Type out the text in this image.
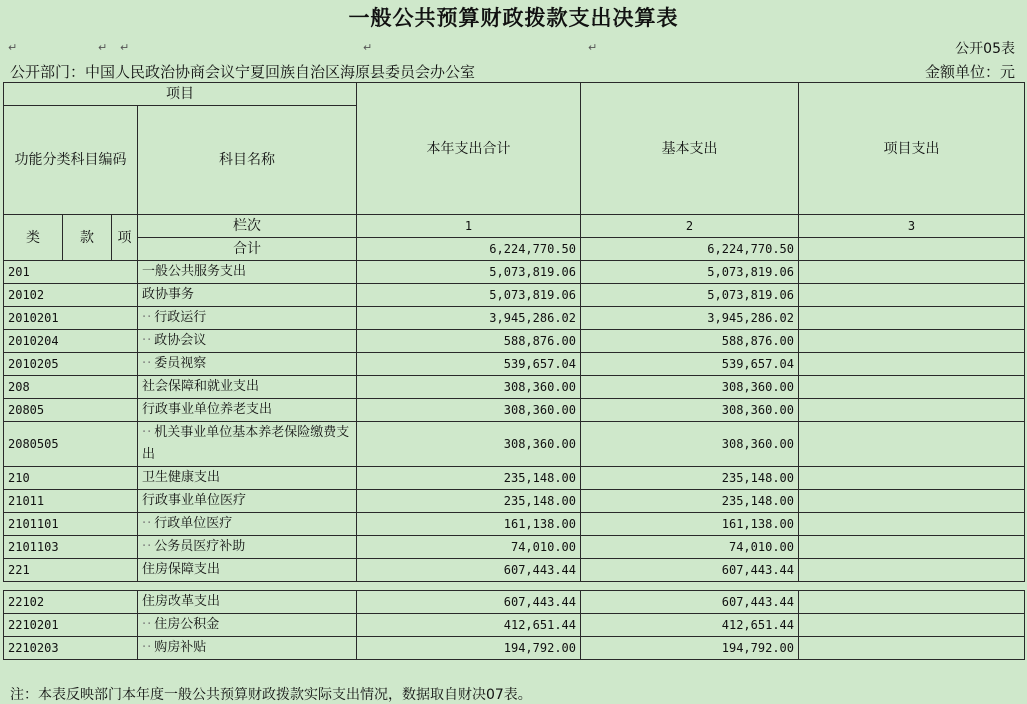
一般公共预算财政拨款支出决算表
↵	↵ ↵	↵	↵	公开05表
公开部门：中国人民政治协商会议宁夏回族自治区海原县委员会办公室	金额单位：元
项目				本年支出合计	基本支出	项目支出
功能分类科目编码			科目名称			
类	款	项	栏次	1	2	3
			合计	6,224,770.50	6,224,770.50	
201			一般公共服务支出	5,073,819.06	5,073,819.06	
20102			政协事务	5,073,819.06	5,073,819.06	
2010201			·· 行政运行	3,945,286.02	3,945,286.02	
2010204			·· 政协会议	588,876.00	588,876.00	
2010205			·· 委员视察	539,657.04	539,657.04	
208			社会保障和就业支出	308,360.00	308,360.00	
20805			行政事业单位养老支出	308,360.00	308,360.00	
2080505			·· 机关事业单位基本养老保险缴费支出	308,360.00	308,360.00	
210			卫生健康支出	235,148.00	235,148.00	
21011			行政事业单位医疗	235,148.00	235,148.00	
2101101			·· 行政单位医疗	161,138.00	161,138.00	
2101103			·· 公务员医疗补助	74,010.00	74,010.00	
221			住房保障支出	607,443.44	607,443.44	

22102			住房改革支出	607,443.44	607,443.44	
2210201			·· 住房公积金	412,651.44	412,651.44	
2210203			·· 购房补贴	194,792.00	194,792.00	
注：本表反映部门本年度一般公共预算财政拨款实际支出情况，数据取自财决07表。
